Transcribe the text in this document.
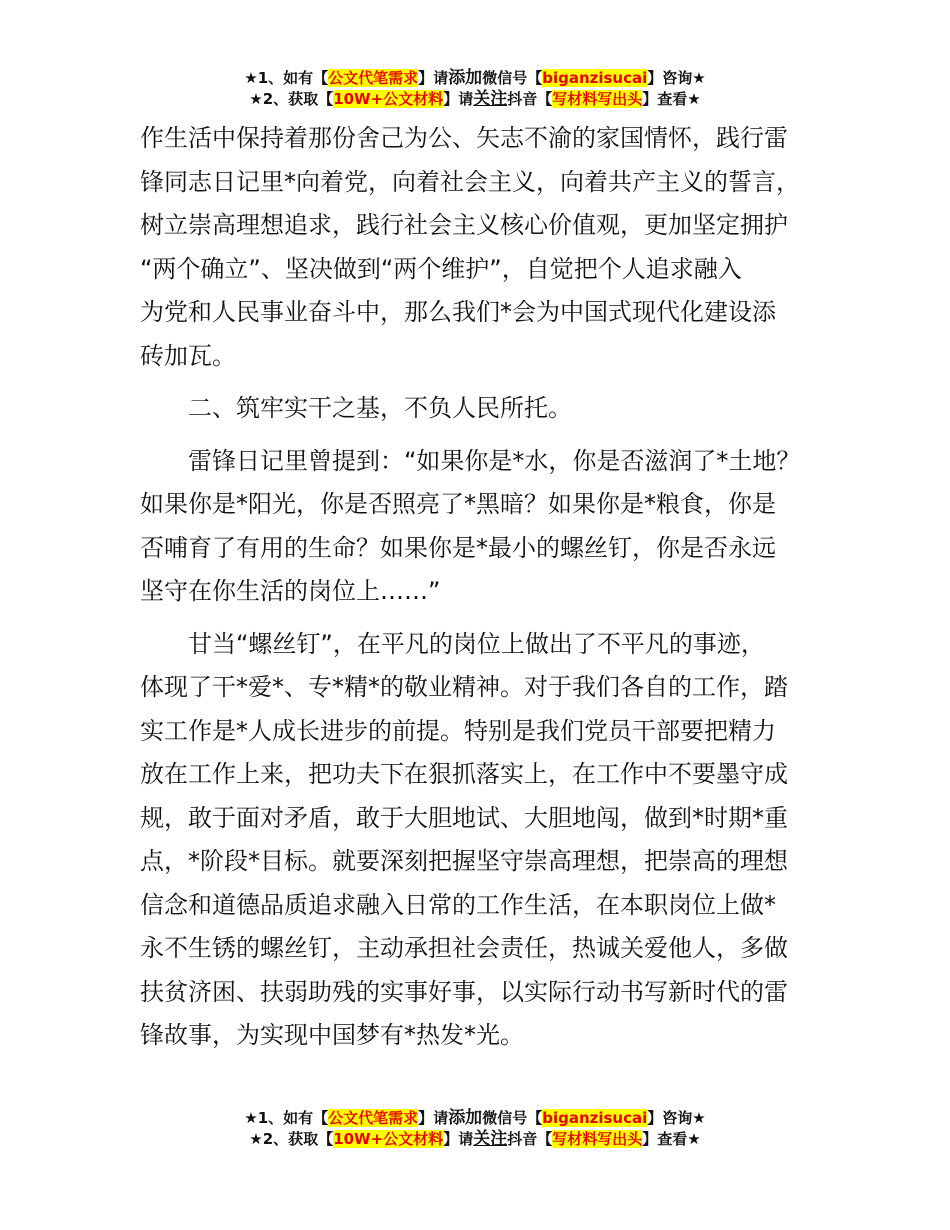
★1、如有【公文代笔需求】请添加微信号【biganzisucai】咨询★
★2、获取【10W+公文材料】请关注抖音【写材料写出头】查看★

作生活中保持着那份舍己为公、矢志不渝的家国情怀，践行雷
锋同志日记里*向着党，向着社会主义，向着共产主义的誓言，
树立崇高理想追求，践行社会主义核心价值观，更加坚定拥护
“两个确立”、坚决做到“两个维护”，自觉把个人追求融入
为党和人民事业奋斗中，那么我们*会为中国式现代化建设添
砖加瓦。

二、筑牢实干之基，不负人民所托。

雷锋日记里曾提到：“如果你是*水，你是否滋润了*土地？
如果你是*阳光，你是否照亮了*黑暗？如果你是*粮食，你是
否哺育了有用的生命？如果你是*最小的螺丝钉，你是否永远
坚守在你生活的岗位上……”

甘当“螺丝钉”，在平凡的岗位上做出了不平凡的事迹，
体现了干*爱*、专*精*的敬业精神。对于我们各自的工作，踏
实工作是*人成长进步的前提。特别是我们党员干部要把精力
放在工作上来，把功夫下在狠抓落实上，在工作中不要墨守成
规，敢于面对矛盾，敢于大胆地试、大胆地闯，做到*时期*重
点，*阶段*目标。就要深刻把握坚守崇高理想，把崇高的理想
信念和道德品质追求融入日常的工作生活，在本职岗位上做*
永不生锈的螺丝钉，主动承担社会责任，热诚关爱他人，多做
扶贫济困、扶弱助残的实事好事，以实际行动书写新时代的雷
锋故事，为实现中国梦有*热发*光。

★1、如有【公文代笔需求】请添加微信号【biganzisucai】咨询★
★2、获取【10W+公文材料】请关注抖音【写材料写出头】查看★
